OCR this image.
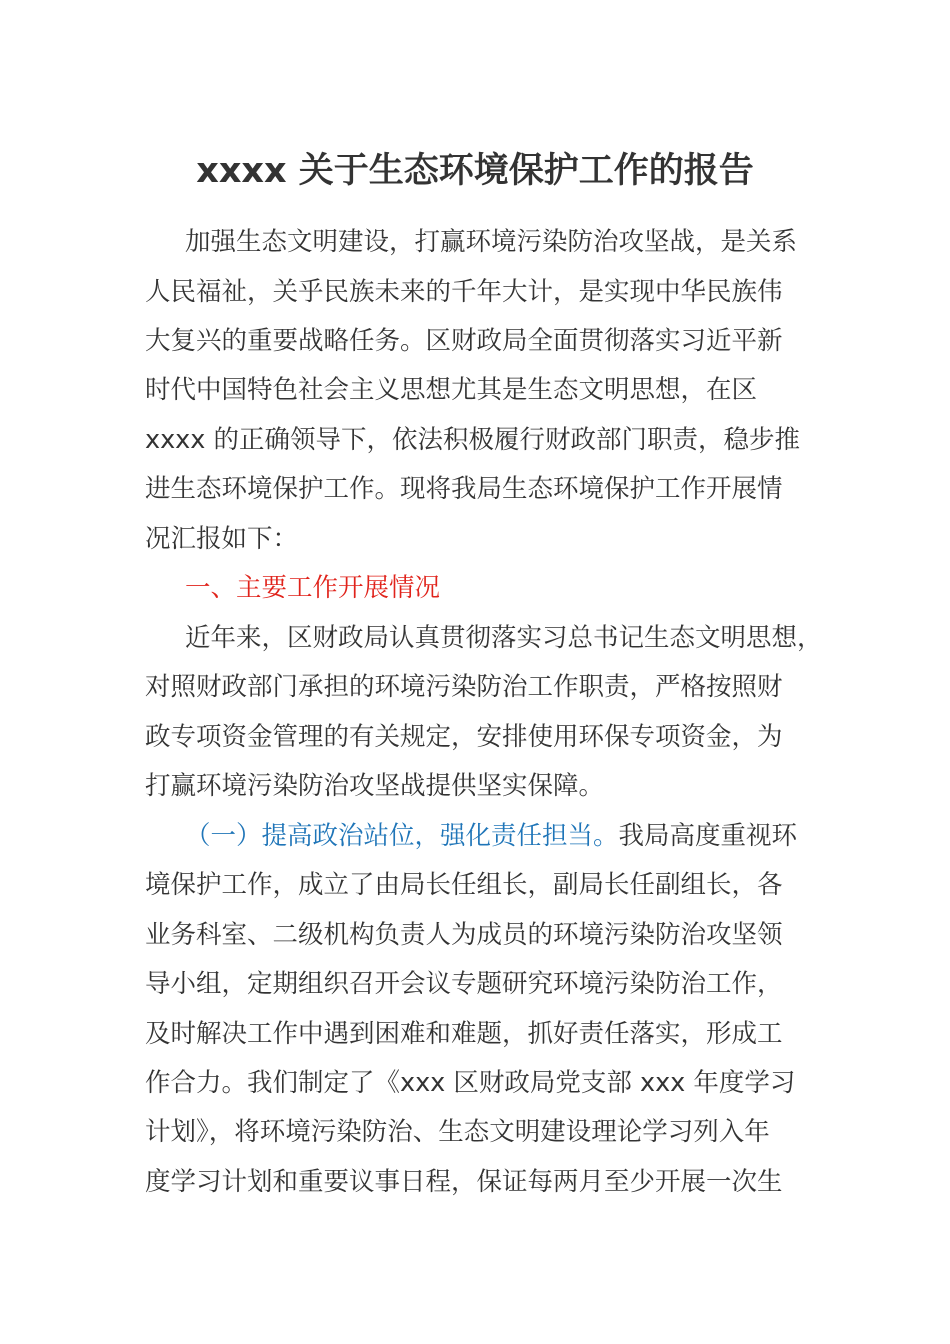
xxxx 关于生态环境保护工作的报告
加强生态文明建设，打赢环境污染防治攻坚战，是关系
人民福祉，关乎民族未来的千年大计，是实现中华民族伟
大复兴的重要战略任务。区财政局全面贯彻落实习近平新
时代中国特色社会主义思想尤其是生态文明思想，在区
xxxx 的正确领导下，依法积极履行财政部门职责，稳步推
进生态环境保护工作。现将我局生态环境保护工作开展情
况汇报如下：
一、主要工作开展情况
近年来，区财政局认真贯彻落实习总书记生态文明思想，
对照财政部门承担的环境污染防治工作职责，严格按照财
政专项资金管理的有关规定，安排使用环保专项资金，为
打赢环境污染防治攻坚战提供坚实保障。
（一）提高政治站位，强化责任担当。我局高度重视环
境保护工作，成立了由局长任组长，副局长任副组长，各
业务科室、二级机构负责人为成员的环境污染防治攻坚领
导小组，定期组织召开会议专题研究环境污染防治工作，
及时解决工作中遇到困难和难题，抓好责任落实，形成工
作合力。我们制定了《xxx 区财政局党支部 xxx 年度学习
计划》，将环境污染防治、生态文明建设理论学习列入年
度学习计划和重要议事日程，保证每两月至少开展一次生
